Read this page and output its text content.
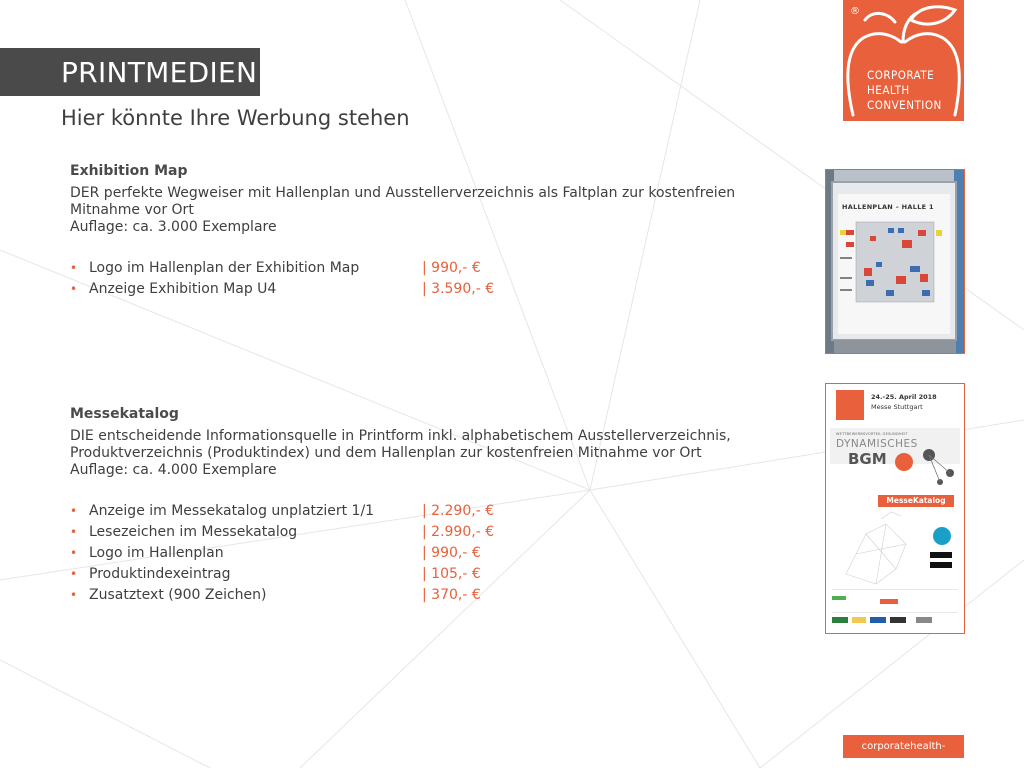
PRINTMEDIEN
Hier könnte Ihre Werbung stehen
®
CORPORATE
HEALTH
CONVENTION
Exhibition Map

DER perfekte Wegweiser mit Hallenplan und Ausstellerverzeichnis als Faltplan zur kostenfreien
Mitnahme vor Ort
Auflage: ca. 3.000 Exemplare

• Logo im Hallenplan der Exhibition Map	| 990,- €
• Anzeige Exhibition Map U4	| 3.590,- €
Messekatalog

DIE entscheidende Informationsquelle in Printform inkl. alphabetischem Ausstellerverzeichnis,
Produktverzeichnis (Produktindex) und dem Hallenplan zur kostenfreien Mitnahme vor Ort
Auflage: ca. 4.000 Exemplare

• Anzeige im Messekatalog unplatziert 1/1	| 2.290,- €
• Lesezeichen im Messekatalog	| 2.990,- €
• Logo im Hallenplan	| 990,- €
• Produktindexeintrag	| 105,- €
• Zusatztext (900 Zeichen)	| 370,- €
HALLENPLAN – HALLE 1
24.-25. April 2018
Messe Stuttgart
WETTBEWERBSVORTEIL GESUNDHEIT
DYNAMISCHES
BGM
MesseKatalog
corporatehealth-expo.de
